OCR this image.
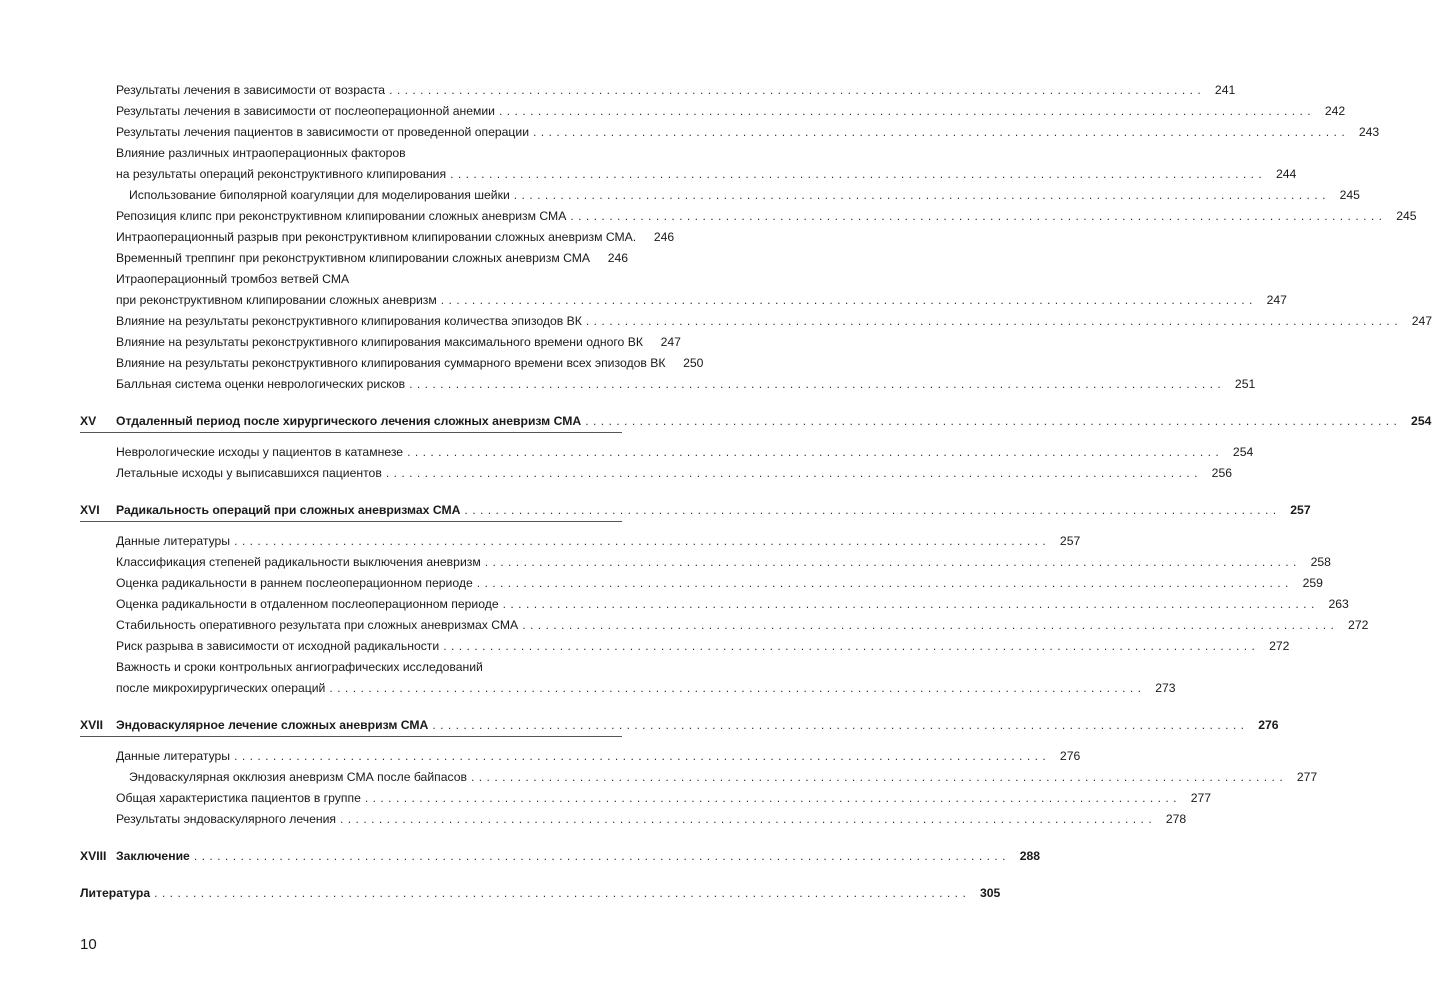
Результаты лечения в зависимости от возраста . . . . . . . . . . . . . . . . . . . . . . . . . . . . . . . . . . . . . . . . . . . . . . . . . . . . . . . . . . . . . . . . . . . . . . . . . . . . . . . . . . . . . . . . . . . . . . . . . . . . . . . . .	241
Результаты лечения в зависимости от послеоперационной анемии . . . . . . . . . . . . . . . . . . . . . . . . . . . . . . . . . . . . . . . . . . . . . . . . . . . . . . . . . . . . . . . . . . . . . . . . . . . . . . . . . . . . . . . . . . . . . . . . . . . . . . . . .	242
Результаты лечения пациентов в зависимости от проведенной операции . . . . . . . . . . . . . . . . . . . . . . . . . . . . . . . . . . . . . . . . . . . . . . . . . . . . . . . . . . . . . . . . . . . . . . . . . . . . . . . . . . . . . . . . . . . . . . . . . . . . . . . . .	243
Влияние различных интраоперационных факторов
на результаты операций реконструктивного клипирования . . . . . . . . . . . . . . . . . . . . . . . . . . . . . . . . . . . . . . . . . . . . . . . . . . . . . . . . . . . . . . . . . . . . . . . . . . . . . . . . . . . . . . . . . . . . . . . . . . . . . . . . .	244
Использование биполярной коагуляции для моделирования шейки . . . . . . . . . . . . . . . . . . . . . . . . . . . . . . . . . . . . . . . . . . . . . . . . . . . . . . . . . . . . . . . . . . . . . . . . . . . . . . . . . . . . . . . . . . . . . . . . . . . . . . . . .	245
Репозиция клипс при реконструктивном клипировании сложных аневризм СМА . . . . . . . . . . . . . . . . . . . . . . . . . . . . . . . . . . . . . . . . . . . . . . . . . . . . . . . . . . . . . . . . . . . . . . . . . . . . . . . . . . . . . . . . . . . . . . . . . . . . . . . . .	245
Интраоперационный разрыв при реконструктивном клипировании сложных аневризм СМА.	246
Временный треппинг при реконструктивном клипировании сложных аневризм СМА	246
Итраоперационный тромбоз ветвей СМА
при реконструктивном клипировании сложных аневризм . . . . . . . . . . . . . . . . . . . . . . . . . . . . . . . . . . . . . . . . . . . . . . . . . . . . . . . . . . . . . . . . . . . . . . . . . . . . . . . . . . . . . . . . . . . . . . . . . . . . . . . . .	247
Влияние на результаты реконструктивного клипирования количества эпизодов ВК . . . . . . . . . . . . . . . . . . . . . . . . . . . . . . . . . . . . . . . . . . . . . . . . . . . . . . . . . . . . . . . . . . . . . . . . . . . . . . . . . . . . . . . . . . . . . . . . . . . . . . . . .	247
Влияние на результаты реконструктивного клипирования максимального времени одного ВК	247
Влияние на результаты реконструктивного клипирования суммарного времени всех эпизодов ВК	250
Балльная система оценки неврологических рисков . . . . . . . . . . . . . . . . . . . . . . . . . . . . . . . . . . . . . . . . . . . . . . . . . . . . . . . . . . . . . . . . . . . . . . . . . . . . . . . . . . . . . . . . . . . . . . . . . . . . . . . . .	251
XV	Отдаленный период после хирургического лечения сложных аневризм СМА . . . . . . . . . . . . . . . . . . . . . . . . . . . . . . . . . . . . . . . . . . . . . . . . . . . . . . . . . . . . . . . . . . . . . . . . . . . . . . . . . . . . . . . . . . . . . . . . . . . . . . . . .	254
Неврологические исходы у пациентов в катамнезе . . . . . . . . . . . . . . . . . . . . . . . . . . . . . . . . . . . . . . . . . . . . . . . . . . . . . . . . . . . . . . . . . . . . . . . . . . . . . . . . . . . . . . . . . . . . . . . . . . . . . . . . .	254
Летальные исходы у выписавшихся пациентов . . . . . . . . . . . . . . . . . . . . . . . . . . . . . . . . . . . . . . . . . . . . . . . . . . . . . . . . . . . . . . . . . . . . . . . . . . . . . . . . . . . . . . . . . . . . . . . . . . . . . . . . .	256
XVI	Радикальность операций при сложных аневризмах СМА . . . . . . . . . . . . . . . . . . . . . . . . . . . . . . . . . . . . . . . . . . . . . . . . . . . . . . . . . . . . . . . . . . . . . . . . . . . . . . . . . . . . . . . . . . . . . . . . . . . . . . . . .	257
Данные литературы . . . . . . . . . . . . . . . . . . . . . . . . . . . . . . . . . . . . . . . . . . . . . . . . . . . . . . . . . . . . . . . . . . . . . . . . . . . . . . . . . . . . . . . . . . . . . . . . . . . . . . . . .	257
Классификация степеней радикальности выключения аневризм . . . . . . . . . . . . . . . . . . . . . . . . . . . . . . . . . . . . . . . . . . . . . . . . . . . . . . . . . . . . . . . . . . . . . . . . . . . . . . . . . . . . . . . . . . . . . . . . . . . . . . . . .	258
Оценка радикальности в раннем послеоперационном периоде . . . . . . . . . . . . . . . . . . . . . . . . . . . . . . . . . . . . . . . . . . . . . . . . . . . . . . . . . . . . . . . . . . . . . . . . . . . . . . . . . . . . . . . . . . . . . . . . . . . . . . . . .	259
Оценка радикальности в отдаленном послеоперационном периоде . . . . . . . . . . . . . . . . . . . . . . . . . . . . . . . . . . . . . . . . . . . . . . . . . . . . . . . . . . . . . . . . . . . . . . . . . . . . . . . . . . . . . . . . . . . . . . . . . . . . . . . . .	263
Стабильность оперативного результата при сложных аневризмах СМА . . . . . . . . . . . . . . . . . . . . . . . . . . . . . . . . . . . . . . . . . . . . . . . . . . . . . . . . . . . . . . . . . . . . . . . . . . . . . . . . . . . . . . . . . . . . . . . . . . . . . . . . .	272
Риск разрыва в зависимости от исходной радикальности . . . . . . . . . . . . . . . . . . . . . . . . . . . . . . . . . . . . . . . . . . . . . . . . . . . . . . . . . . . . . . . . . . . . . . . . . . . . . . . . . . . . . . . . . . . . . . . . . . . . . . . . .	272
Важность и сроки контрольных ангиографических исследований
после микрохирургических операций . . . . . . . . . . . . . . . . . . . . . . . . . . . . . . . . . . . . . . . . . . . . . . . . . . . . . . . . . . . . . . . . . . . . . . . . . . . . . . . . . . . . . . . . . . . . . . . . . . . . . . . . .	273
XVII	Эндоваскулярное лечение сложных аневризм СМА . . . . . . . . . . . . . . . . . . . . . . . . . . . . . . . . . . . . . . . . . . . . . . . . . . . . . . . . . . . . . . . . . . . . . . . . . . . . . . . . . . . . . . . . . . . . . . . . . . . . . . . . .	276
Данные литературы . . . . . . . . . . . . . . . . . . . . . . . . . . . . . . . . . . . . . . . . . . . . . . . . . . . . . . . . . . . . . . . . . . . . . . . . . . . . . . . . . . . . . . . . . . . . . . . . . . . . . . . . .	276
Эндоваскулярная окклюзия аневризм СМА после байпасов . . . . . . . . . . . . . . . . . . . . . . . . . . . . . . . . . . . . . . . . . . . . . . . . . . . . . . . . . . . . . . . . . . . . . . . . . . . . . . . . . . . . . . . . . . . . . . . . . . . . . . . . .	277
Общая характеристика пациентов в группе . . . . . . . . . . . . . . . . . . . . . . . . . . . . . . . . . . . . . . . . . . . . . . . . . . . . . . . . . . . . . . . . . . . . . . . . . . . . . . . . . . . . . . . . . . . . . . . . . . . . . . . . .	277
Результаты эндоваскулярного лечения . . . . . . . . . . . . . . . . . . . . . . . . . . . . . . . . . . . . . . . . . . . . . . . . . . . . . . . . . . . . . . . . . . . . . . . . . . . . . . . . . . . . . . . . . . . . . . . . . . . . . . . . .	278
XVIII Заключение . . . . . . . . . . . . . . . . . . . . . . . . . . . . . . . . . . . . . . . . . . . . . . . . . . . . . . . . . . . . . . . . . . . . . . . . . . . . . . . . . . . . . . . . . . . . . . . . . . . . . . . . .	288
Литература . . . . . . . . . . . . . . . . . . . . . . . . . . . . . . . . . . . . . . . . . . . . . . . . . . . . . . . . . . . . . . . . . . . . . . . . . . . . . . . . . . . . . . . . . . . . . . . . . . . . . . . . .	305
10
